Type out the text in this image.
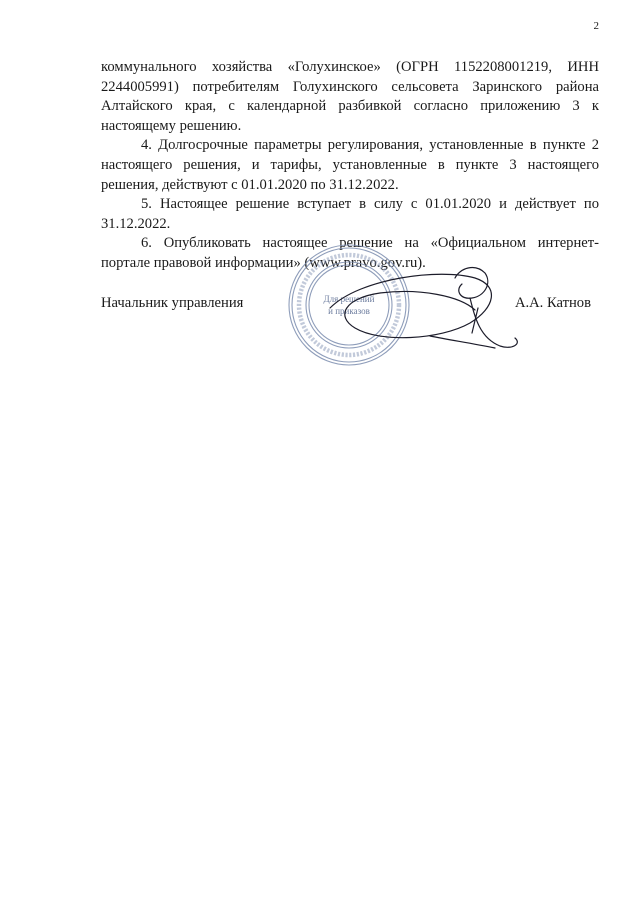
2

коммунального хозяйства «Голухинское» (ОГРН 1152208001219, ИНН 2244005991) потребителям Голухинского сельсовета Заринского района Алтайского края, с календарной разбивкой согласно приложению 3 к настоящему решению.

4. Долгосрочные параметры регулирования, установленные в пункте 2 настоящего решения, и тарифы, установленные в пункте 3 настоящего решения, действуют с 01.01.2020 по 31.12.2022.

5. Настоящее решение вступает в силу с 01.01.2020 и действует по 31.12.2022.

6. Опубликовать настоящее решение на «Официальном интернет-портале правовой информации» (www.pravo.gov.ru).

Для решений
и приказов
Начальник управления	А.А. Катнов
